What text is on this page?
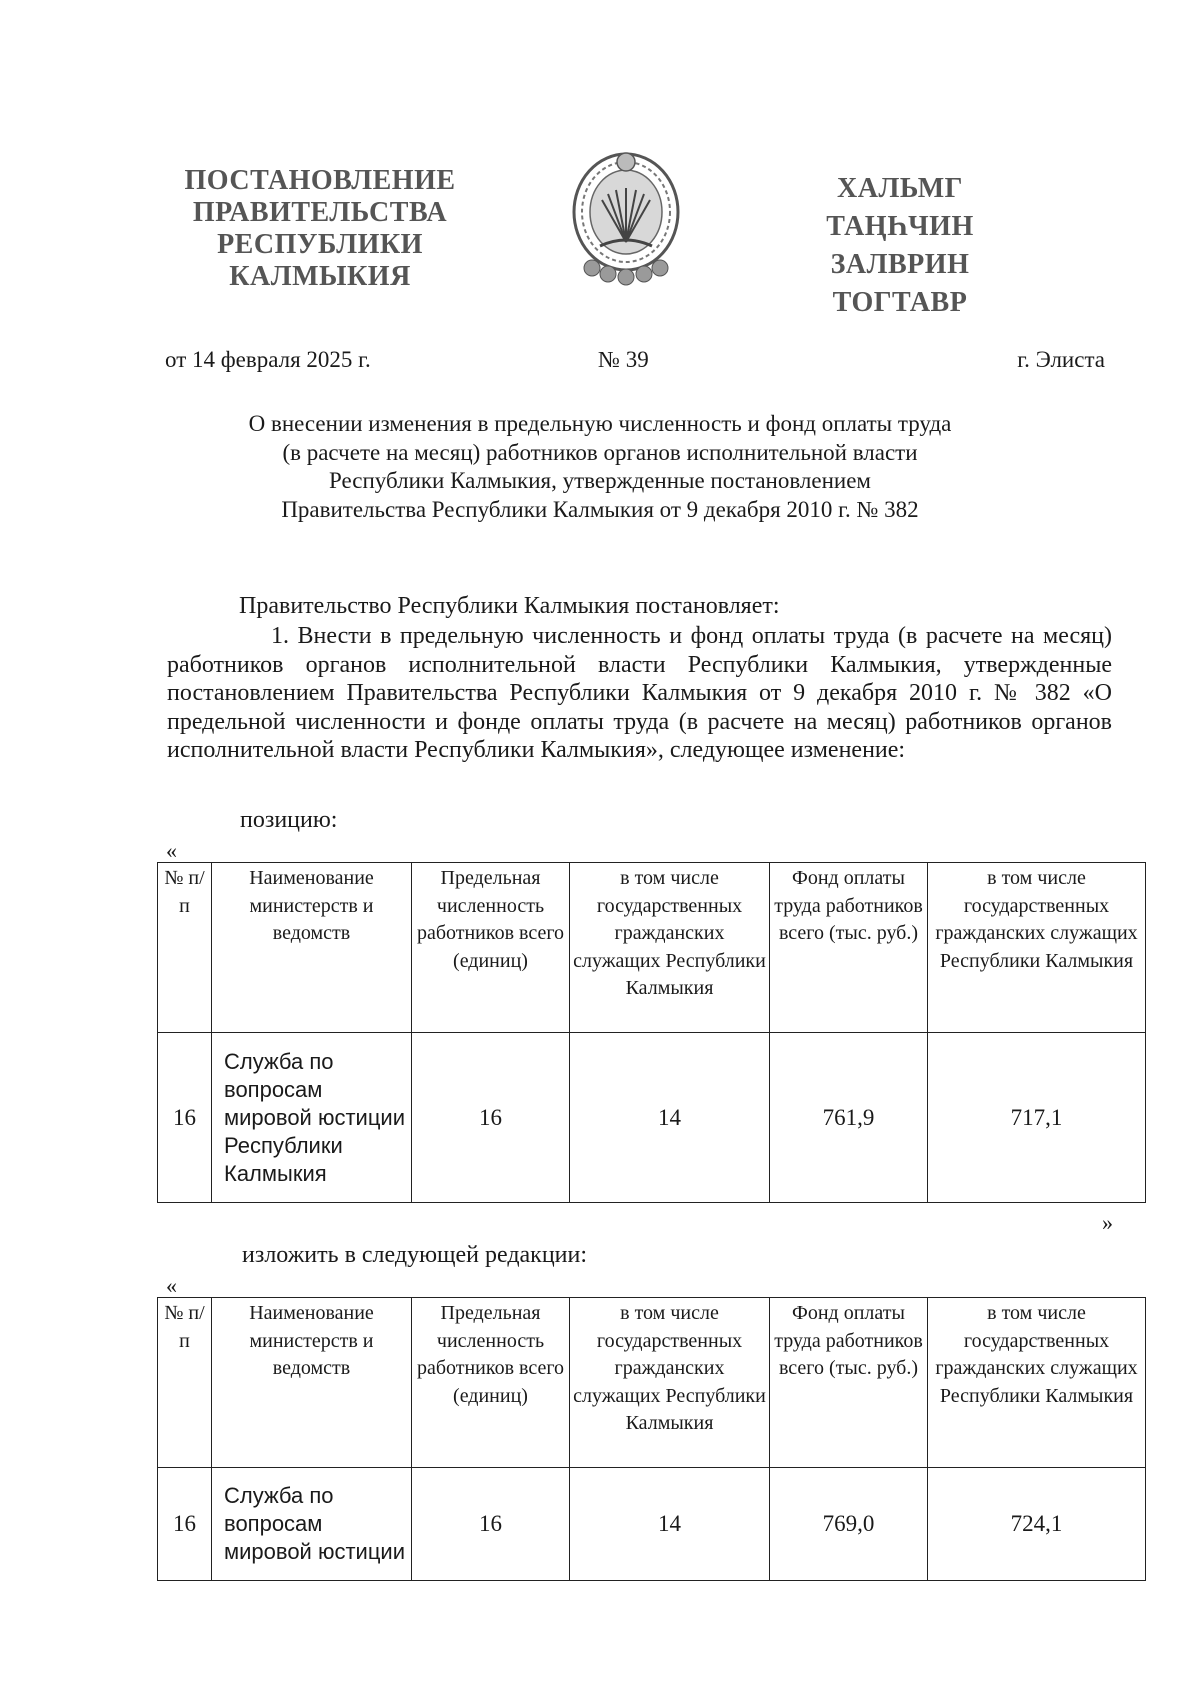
ПОСТАНОВЛЕНИЕ
ПРАВИТЕЛЬСТВА
РЕСПУБЛИКИ
КАЛМЫКИЯ
ХАЛЬМГ
ТАҢҺЧИН
ЗАЛВРИН
ТОГТАВР
от 14 февраля 2025 г.	№ 39	г. Элиста
О внесении изменения в предельную численность и фонд оплаты труда
(в расчете на месяц) работников органов исполнительной власти
Республики Калмыкия, утвержденные постановлением
Правительства Республики Калмыкия от 9 декабря 2010 г. № 382
Правительство Республики Калмыкия постановляет:
1. Внести в предельную численность и фонд оплаты труда (в расчете на месяц) работников органов исполнительной власти Республики Калмыкия, утвержденные постановлением Правительства Республики Калмыкия от 9 декабря 2010 г. № 382 «О предельной численности и фонде оплаты труда (в расчете на месяц) работников органов исполнительной власти Республики Калмыкия», следующее изменение:
позицию:
«
№ п/п	Наименование министерств и ведомств	Предельная численность работников всего (единиц)	в том числе государственных гражданских служащих Республики Калмыкия	Фонд оплаты труда работников всего (тыс. руб.)	в том числе государственных гражданских служащих Республики Калмыкия
16	Служба по вопросам мировой юстиции Республики Калмыкия	16	14	761,9	717,1
»
изложить в следующей редакции:
«
№ п/п	Наименование министерств и ведомств	Предельная численность работников всего (единиц)	в том числе государственных гражданских служащих Республики Калмыкия	Фонд оплаты труда работников всего (тыс. руб.)	в том числе государственных гражданских служащих Республики Калмыкия
16	Служба по вопросам мировой юстиции	16	14	769,0	724,1
